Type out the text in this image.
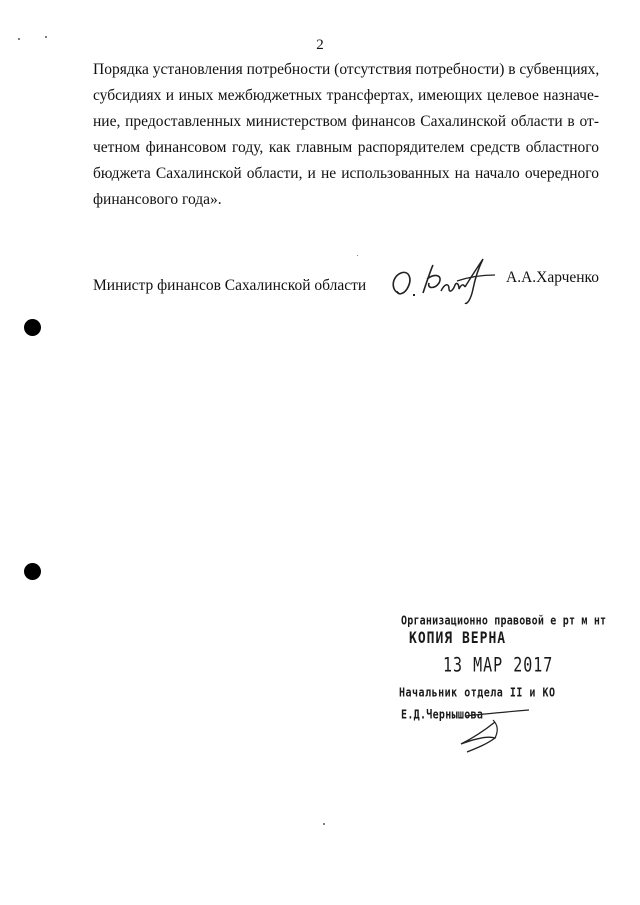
2
Порядка установления потребности (отсутствия потребности) в субвенциях,
субсидиях и иных межбюджетных трансфертах, имеющих целевое назначе-
ние, предоставленных министерством финансов Сахалинской области в от-
четном финансовом году, как главным распорядителем средств областного
бюджета Сахалинской области, и не использованных на начало очередного
финансового года».
Министр финансов Сахалинской области	А.А.Харченко
Организационно правовой е рт м нт
КОПИЯ ВЕРНА
13 МАР 2017
Начальник отдела II и КО
Е.Д.Чернышова
